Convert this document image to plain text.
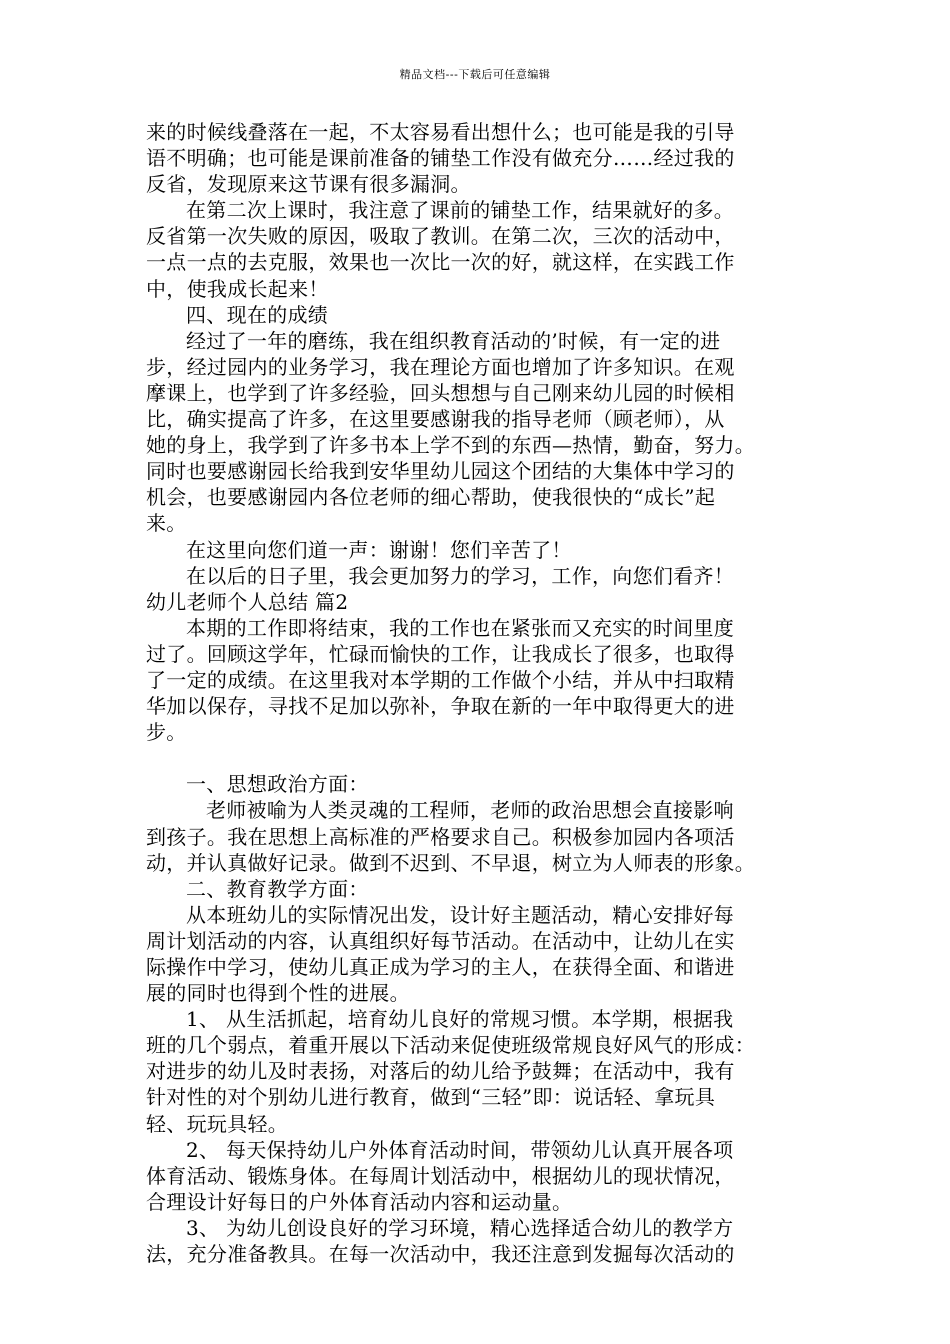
精品文档---下载后可任意编辑
来的时候线叠落在一起，不太容易看出想什么；也可能是我的引导
语不明确；也可能是课前准备的铺垫工作没有做充分……经过我的
反省，发现原来这节课有很多漏洞。
在第二次上课时，我注意了课前的铺垫工作，结果就好的多。
反省第一次失败的原因，吸取了教训。在第二次，三次的活动中，
一点一点的去克服，效果也一次比一次的好，就这样，在实践工作
中，使我成长起来！
四、现在的成绩
经过了一年的磨练，我在组织教育活动的’时候，有一定的进
步，经过园内的业务学习，我在理论方面也增加了许多知识。在观
摩课上，也学到了许多经验，回头想想与自己刚来幼儿园的时候相
比，确实提高了许多，在这里要感谢我的指导老师（顾老师），从
她的身上，我学到了许多书本上学不到的东西—热情，勤奋，努力。
同时也要感谢园长给我到安华里幼儿园这个团结的大集体中学习的
机会，也要感谢园内各位老师的细心帮助，使我很快的“成长”起
来。
在这里向您们道一声：谢谢！您们辛苦了！
在以后的日子里，我会更加努力的学习，工作，向您们看齐！
幼儿老师个人总结 篇2
本期的工作即将结束，我的工作也在紧张而又充实的时间里度
过了。回顾这学年，忙碌而愉快的工作，让我成长了很多，也取得
了一定的成绩。在这里我对本学期的工作做个小结，并从中扫取精
华加以保存，寻找不足加以弥补，争取在新的一年中取得更大的进
步。
一、思想政治方面：
老师被喻为人类灵魂的工程师，老师的政治思想会直接影响
到孩子。我在思想上高标准的严格要求自己。积极参加园内各项活
动，并认真做好记录。做到不迟到、不早退，树立为人师表的形象。
二、教育教学方面：
从本班幼儿的实际情况出发，设计好主题活动，精心安排好每
周计划活动的内容，认真组织好每节活动。在活动中，让幼儿在实
际操作中学习，使幼儿真正成为学习的主人，在获得全面、和谐进
展的同时也得到个性的进展。
1、 从生活抓起，培育幼儿良好的常规习惯。本学期，根据我
班的几个弱点，着重开展以下活动来促使班级常规良好风气的形成：
对进步的幼儿及时表扬，对落后的幼儿给予鼓舞；在活动中，我有
针对性的对个别幼儿进行教育，做到“三轻”即：说话轻、拿玩具
轻、玩玩具轻。
2、 每天保持幼儿户外体育活动时间，带领幼儿认真开展各项
体育活动、锻炼身体。在每周计划活动中，根据幼儿的现状情况，
合理设计好每日的户外体育活动内容和运动量。
3、 为幼儿创设良好的学习环境，精心选择适合幼儿的教学方
法，充分准备教具。在每一次活动中，我还注意到发掘每次活动的
